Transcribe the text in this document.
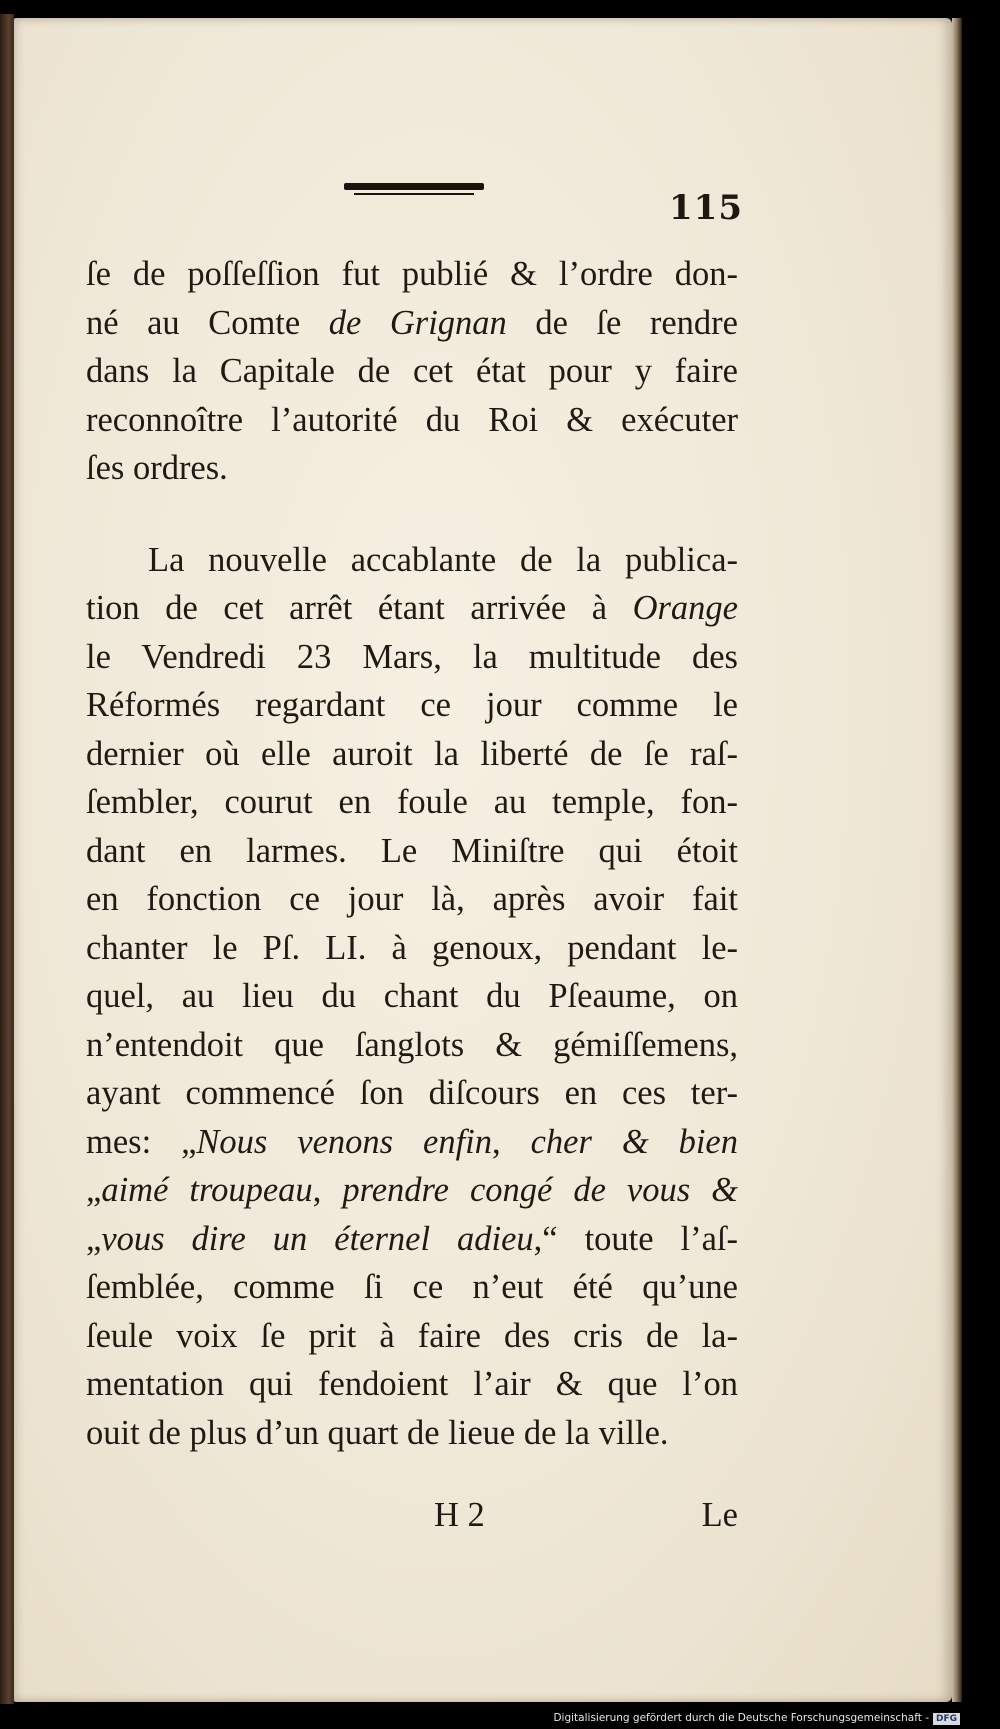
115
ſe de poſſeſſion fut publié & l’ordre don-
né au Comte de Grignan de ſe rendre
dans la Capitale de cet état pour y faire
reconnoître l’autorité du Roi & exécuter
ſes ordres.
La nouvelle accablante de la publica-
tion de cet arrêt étant arrivée à Orange
le Vendredi 23 Mars, la multitude des
Réformés regardant ce jour comme le
dernier où elle auroit la liberté de ſe raſ-
ſembler, courut en foule au temple, fon-
dant en larmes. Le Miniſtre qui étoit
en fonction ce jour là, après avoir fait
chanter le Pſ. LI. à genoux, pendant le-
quel, au lieu du chant du Pſeaume, on
n’entendoit que ſanglots & gémiſſemens,
ayant commencé ſon diſcours en ces ter-
mes: „Nous venons enfin, cher & bien
„aimé troupeau, prendre congé de vous &
„vous dire un éternel adieu,“ toute l’aſ-
ſemblée, comme ſi ce n’eut été qu’une
ſeule voix ſe prit à faire des cris de la-
mentation qui fendoient l’air & que l’on
ouit de plus d’un quart de lieue de la ville.
H 2	Le
Digitalisierung gefördert durch die Deutsche Forschungsgemeinschaft - DFG
